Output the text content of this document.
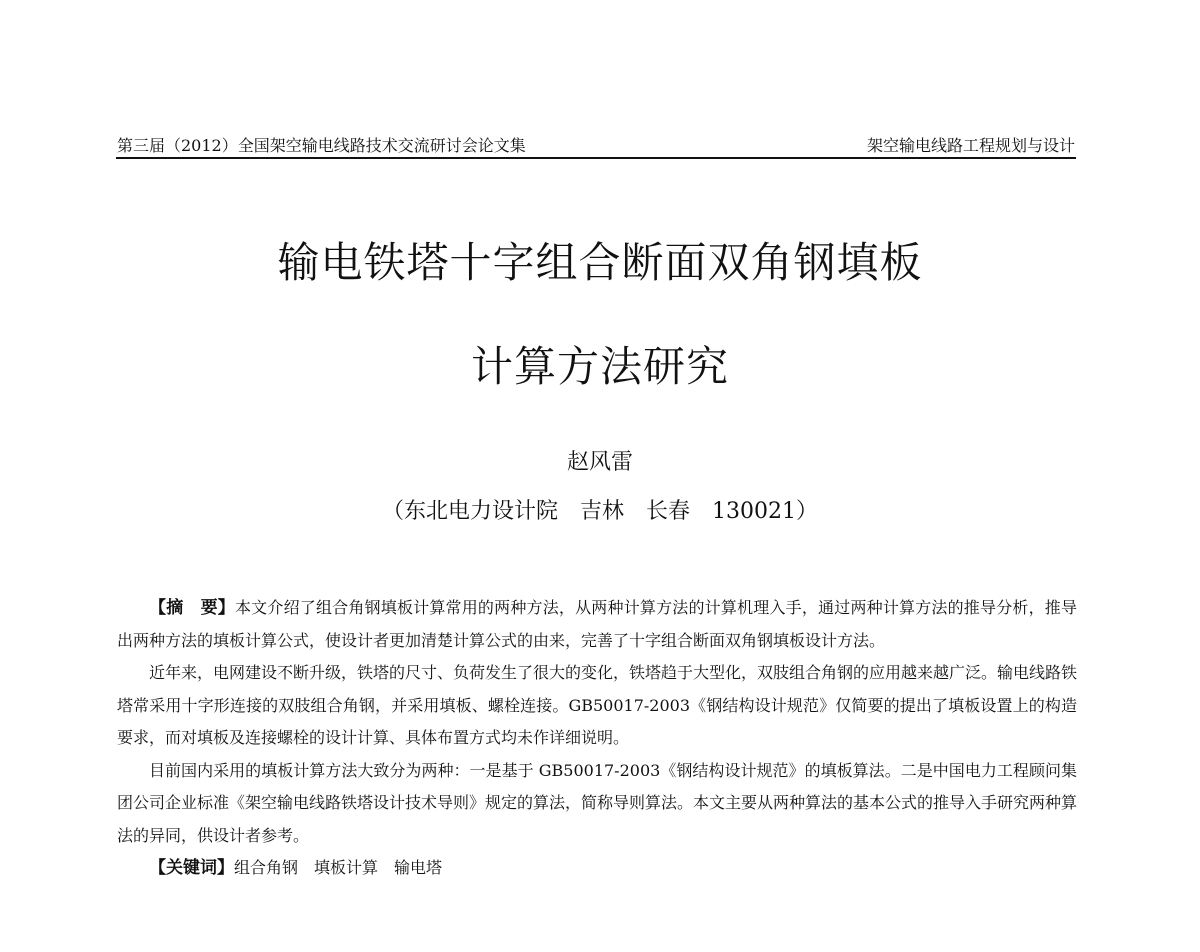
第三届（2012）全国架空输电线路技术交流研讨会论文集	架空输电线路工程规划与设计
输电铁塔十字组合断面双角钢填板
计算方法研究
赵风雷
（东北电力设计院　吉林　长春　130021）

【摘　要】本文介绍了组合角钢填板计算常用的两种方法，从两种计算方法的计算机理入手，通过两种计算方法的推导分析，推导出两种方法的填板计算公式，使设计者更加清楚计算公式的由来，完善了十字组合断面双角钢填板设计方法。

近年来，电网建设不断升级，铁塔的尺寸、负荷发生了很大的变化，铁塔趋于大型化，双肢组合角钢的应用越来越广泛。输电线路铁塔常采用十字形连接的双肢组合角钢，并采用填板、螺栓连接。GB50017-2003《钢结构设计规范》仅简要的提出了填板设置上的构造要求，而对填板及连接螺栓的设计计算、具体布置方式均未作详细说明。

目前国内采用的填板计算方法大致分为两种：一是基于 GB50017-2003《钢结构设计规范》的填板算法。二是中国电力工程顾问集团公司企业标准《架空输电线路铁塔设计技术导则》规定的算法，简称导则算法。本文主要从两种算法的基本公式的推导入手研究两种算法的异同，供设计者参考。

【关键词】组合角钢　填板计算　输电塔
